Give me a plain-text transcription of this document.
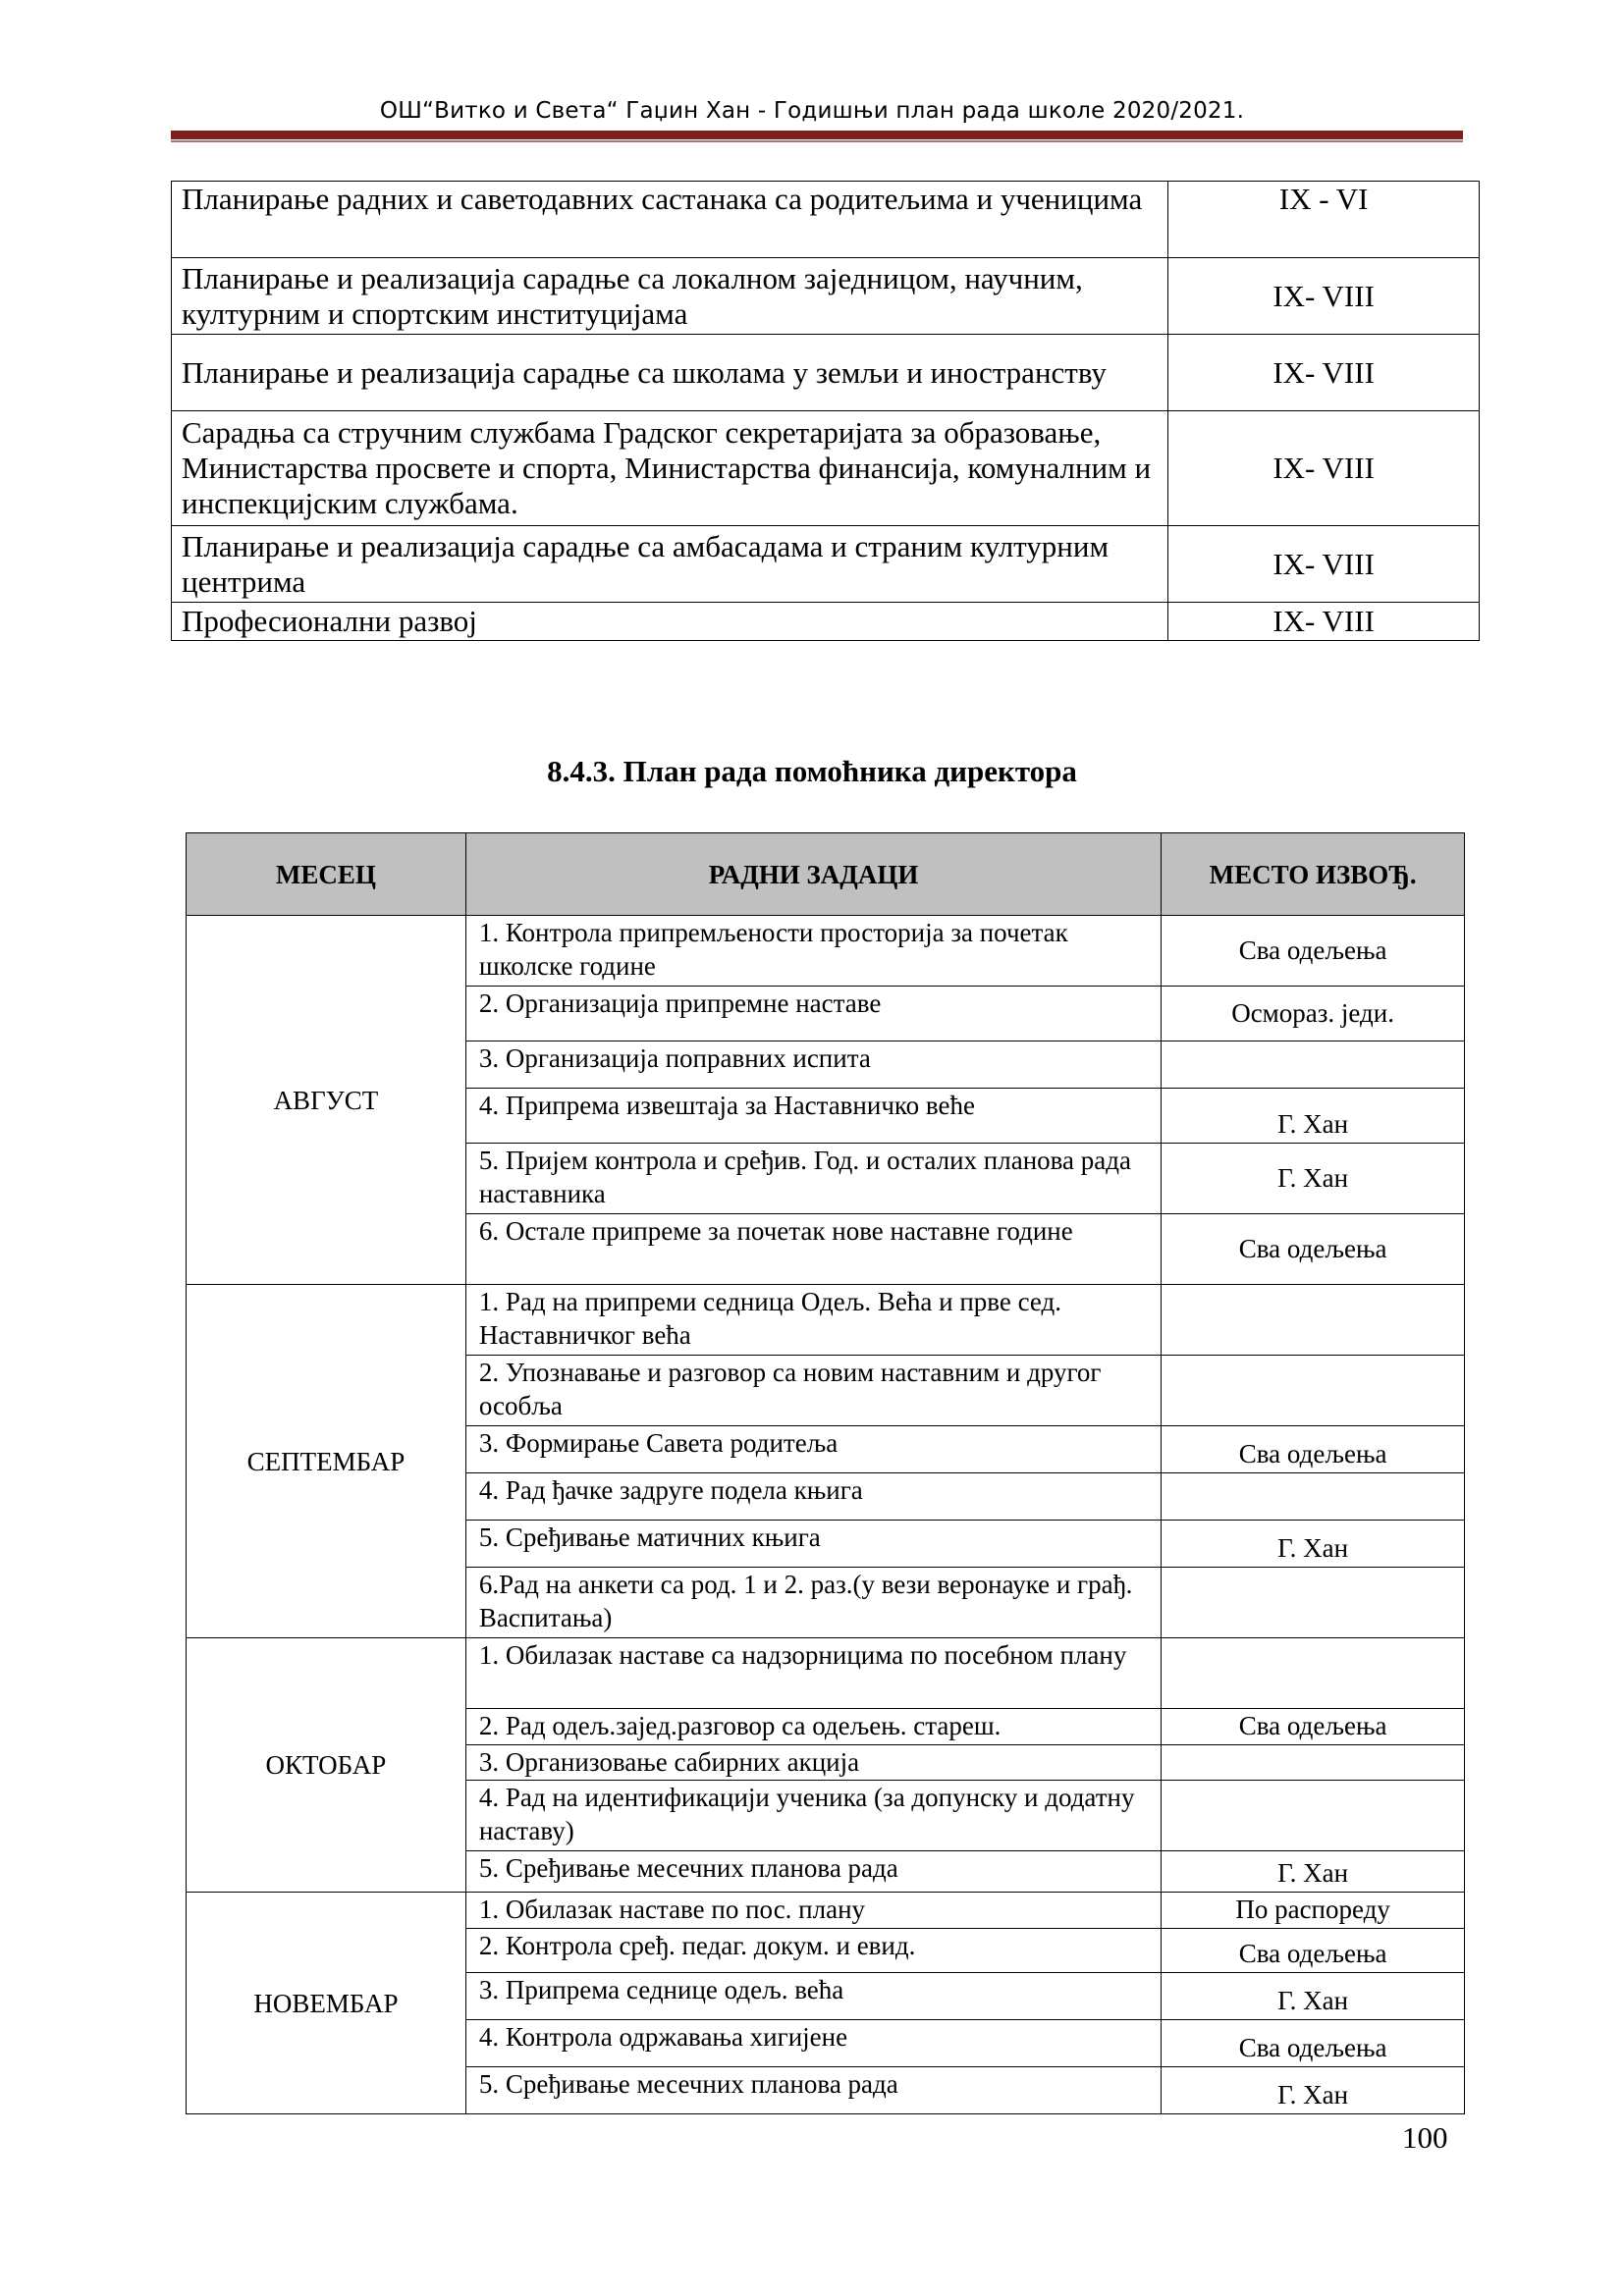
ОШ“Витко и Света“ Гаџин Хан - Годишњи план рада школе 2020/2021.
Планирање радних и саветодавних састанака са родитељима и ученицима	IX - VI
Планирање и реализација сарадње са локалном заједницом, научним, културним и спортским институцијама	IX- VIII
Планирање и реализација сарадње са школама у земљи и иностранству	IX- VIII
Сарадња са стручним службама Градског секретаријата за образовање, Министарства просвете и спорта, Министарства финансија, комуналним и инспекцијским службама.	IX- VIII
Планирање и реализација сарадње са амбасадама и страним културним центрима	IX- VIII
Професионални развој	IX- VIII
8.4.3. План рада помоћника директора
МЕСЕЦ	РАДНИ ЗАДАЦИ	МЕСТО ИЗВОЂ.
АВГУСТ	1. Контрола припремљености просторија за почетак школске године	Сва одељења
	2. Организација припремне наставе	Осмораз. једи.
	3. Организација поправних испита	
	4. Припрема извештаја за Наставничко веће	Г. Хан
	5. Пријем контрола и сређив. Год. и осталих планова рада наставника	Г. Хан
	6. Остале припреме за почетак нове наставне године	Сва одељења
СЕПТЕМБАР	1. Рад на припреми седница Одељ. Већа и прве сед. Наставничког већа	
	2. Упознавање и разговор са новим наставним и другог особља	
	3. Формирање Савета родитеља	Сва одељења
	4. Рад ђачке задруге подела књига	
	5. Сређивање матичних књига	Г. Хан
	6.Рад на анкети са род. 1 и 2. раз.(у вези веронауке и грађ. Васпитања)	
ОКТОБАР	1. Обилазак наставе са надзорницима по посебном плану	
	2. Рад одељ.заjeд.разговор са одељењ. стареш.	Сва одељења
	3. Организовање сабирних акција	
	4. Рад на идентификацији ученика (за допунску и додатну наставу)	
	5. Сређивање месечних планова рада	Г. Хан
НОВЕМБАР	1. Обилазак наставе по пос. плану	По распореду
	2. Контрола сређ. педаг. докум. и евид.	Сва одељења
	3. Припрема седнице одељ. већа	Г. Хан
	4. Контрола одржавања хигијене	Сва одељења
	5. Сређивање месечних планова рада	Г. Хан
100
